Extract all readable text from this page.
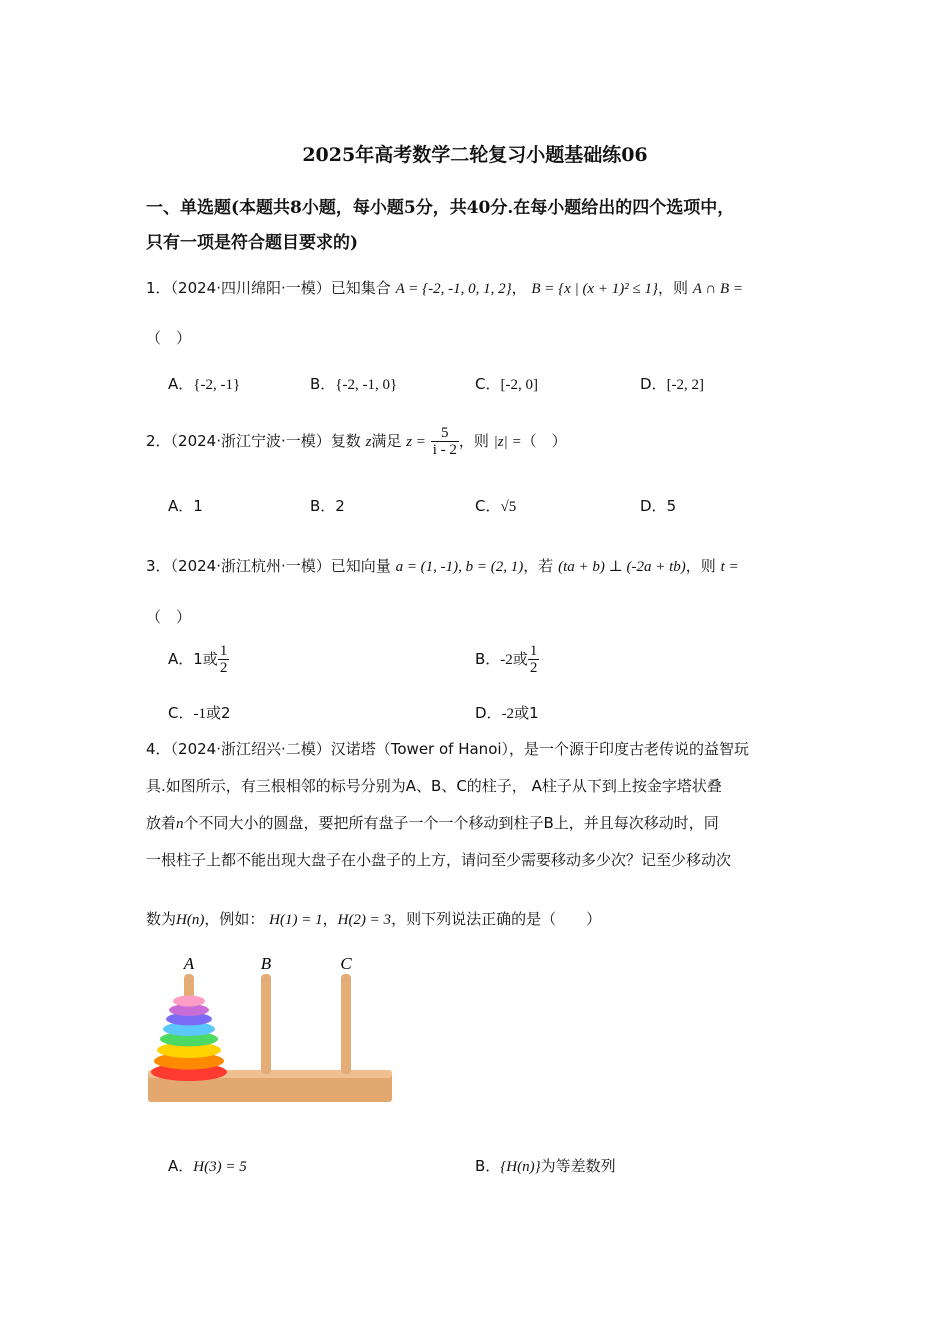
2025年高考数学二轮复习小题基础练06
一、单选题(本题共8小题，每小题5分，共40分.在每小题给出的四个选项中，
只有一项是符合题目要求的)
1．（2024·四川绵阳·一模）已知集合 A = {-2, -1, 0, 1, 2}， B = {x | (x + 1)² ≤ 1}，则 A ∩ B =
（　）
A．{-2, -1}	B．{-2, -1, 0}	C．[-2, 0]	D．[-2, 2]
2．（2024·浙江宁波·一模）复数 z满足 $z = \frac{5}{i - 2}$ ，则 |z| =（　）
A．1	B．2	C．√5	D．5
3．（2024·浙江杭州·一模）已知向量 a = (1, -1), b = (2, 1)，若 (ta + b) ⊥ (-2a + tb)，则 t =
（　）
A．1或 $\frac{1}{2}$	B．-2或 $\frac{1}{2}$
C．-1或2	D．-2或1
4．（2024·浙江绍兴·二模）汉诺塔（Tower of Hanoi），是一个源于印度古老传说的益智玩
具.如图所示，有三根相邻的标号分别为A、B、C的柱子， A柱子从下到上按金字塔状叠
放着n个不同大小的圆盘，要把所有盘子一个一个移动到柱子B上，并且每次移动时，同
一根柱子上都不能出现大盘子在小盘子的上方，请问至少需要移动多少次？记至少移动次
数为H(n)，例如： H(1) = 1，H(2) = 3，则下列说法正确的是（　　）
A	B	C
A．H(3) = 5	B．{H(n)}为等差数列
